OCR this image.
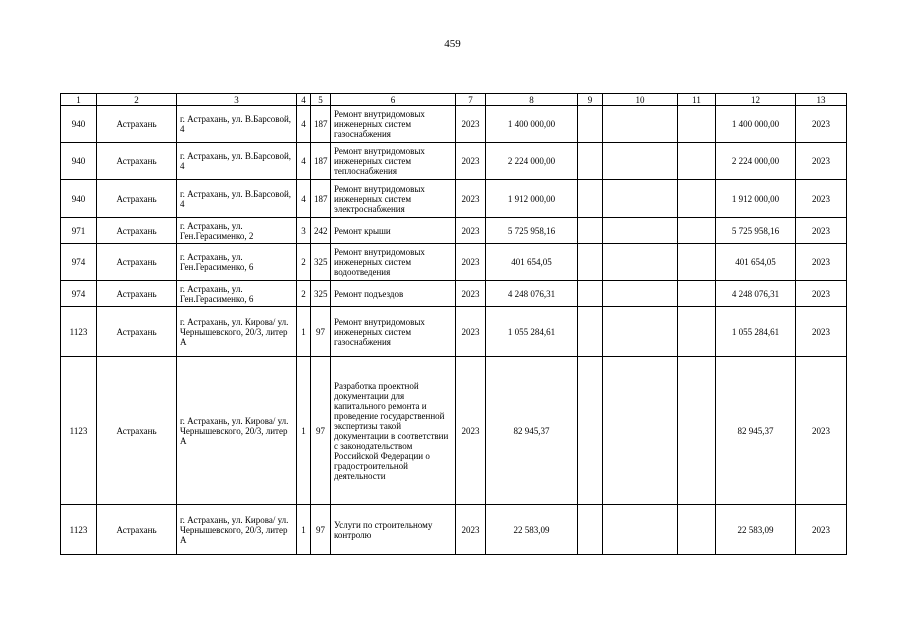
459
1	2	3	4	5	6	7	8	9	10	11	12	13
940	Астрахань	г. Астрахань, ул. В.Барсовой, 4	4	187	Ремонт внутридомовых инженерных систем газоснабжения	2023	1 400 000,00				1 400 000,00	2023
940	Астрахань	г. Астрахань, ул. В.Барсовой, 4	4	187	Ремонт внутридомовых инженерных систем теплоснабжения	2023	2 224 000,00				2 224 000,00	2023
940	Астрахань	г. Астрахань, ул. В.Барсовой, 4	4	187	Ремонт внутридомовых инженерных систем электроснабжения	2023	1 912 000,00				1 912 000,00	2023
971	Астрахань	г. Астрахань, ул. Ген.Герасименко, 2	3	242	Ремонт крыши	2023	5 725 958,16				5 725 958,16	2023
974	Астрахань	г. Астрахань, ул. Ген.Герасименко, 6	2	325	Ремонт внутридомовых инженерных систем водоотведения	2023	401 654,05				401 654,05	2023
974	Астрахань	г. Астрахань, ул. Ген.Герасименко, 6	2	325	Ремонт подъездов	2023	4 248 076,31				4 248 076,31	2023
1123	Астрахань	г. Астрахань, ул. Кирова/ ул. Чернышевского, 20/3, литер А	1	97	Ремонт внутридомовых инженерных систем газоснабжения	2023	1 055 284,61				1 055 284,61	2023
1123	Астрахань	г. Астрахань, ул. Кирова/ ул. Чернышевского, 20/3, литер А	1	97	Разработка проектной документации для капитального ремонта и проведение государственной экспертизы такой документации в соответствии с законодательством Российской Федерации о градостроительной деятельности	2023	82 945,37				82 945,37	2023
1123	Астрахань	г. Астрахань, ул. Кирова/ ул. Чернышевского, 20/3, литер А	1	97	Услуги по строительному контролю	2023	22 583,09				22 583,09	2023
